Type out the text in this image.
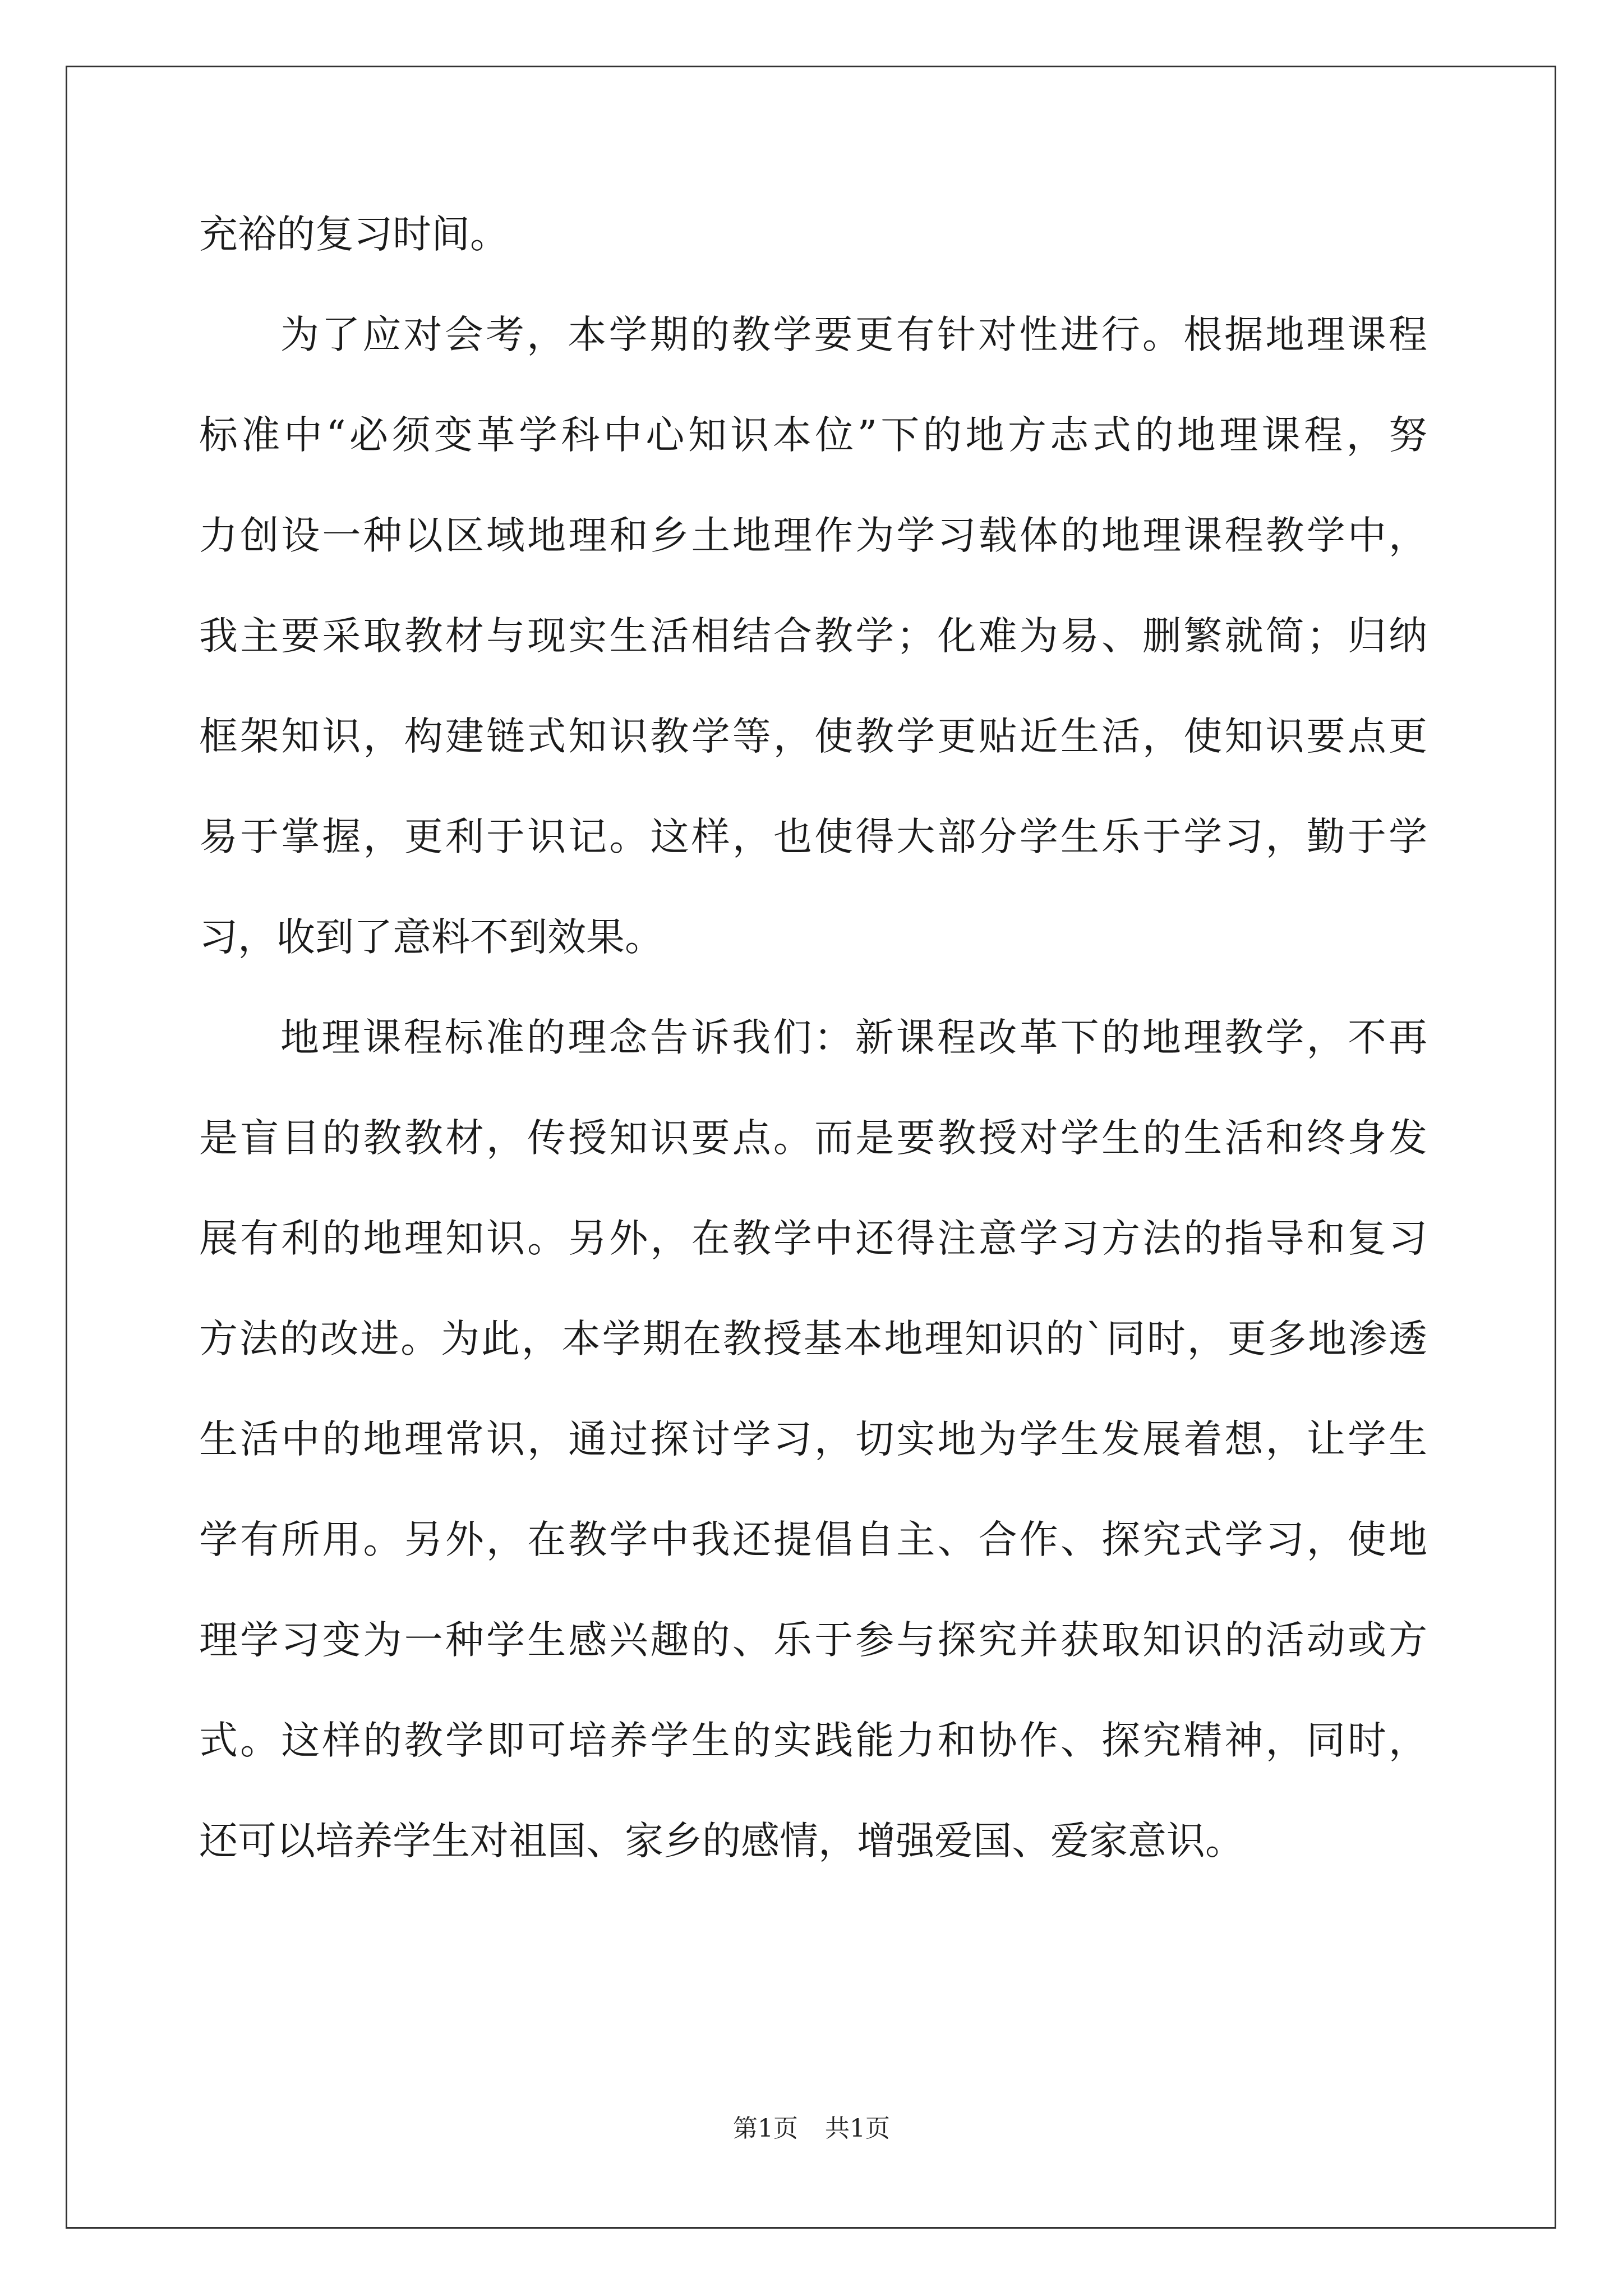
充裕的复习时间。
为了应对会考，本学期的教学要更有针对性进行。根据地理课程
标准中“必须变革学科中心知识本位”下的地方志式的地理课程，努
力创设一种以区域地理和乡土地理作为学习载体的地理课程教学中，
我主要采取教材与现实生活相结合教学；化难为易、删繁就简；归纳
框架知识，构建链式知识教学等，使教学更贴近生活，使知识要点更
易于掌握，更利于识记。这样，也使得大部分学生乐于学习，勤于学
习，收到了意料不到效果。
地理课程标准的理念告诉我们：新课程改革下的地理教学，不再
是盲目的教教材，传授知识要点。而是要教授对学生的生活和终身发
展有利的地理知识。另外，在教学中还得注意学习方法的指导和复习
方法的改进。为此，本学期在教授基本地理知识的`同时，更多地渗透
生活中的地理常识，通过探讨学习，切实地为学生发展着想，让学生
学有所用。另外，在教学中我还提倡自主、合作、探究式学习，使地
理学习变为一种学生感兴趣的、乐于参与探究并获取知识的活动或方
式。这样的教学即可培养学生的实践能力和协作、探究精神，同时，
还可以培养学生对祖国、家乡的感情，增强爱国、爱家意识。
第1页 共1页
